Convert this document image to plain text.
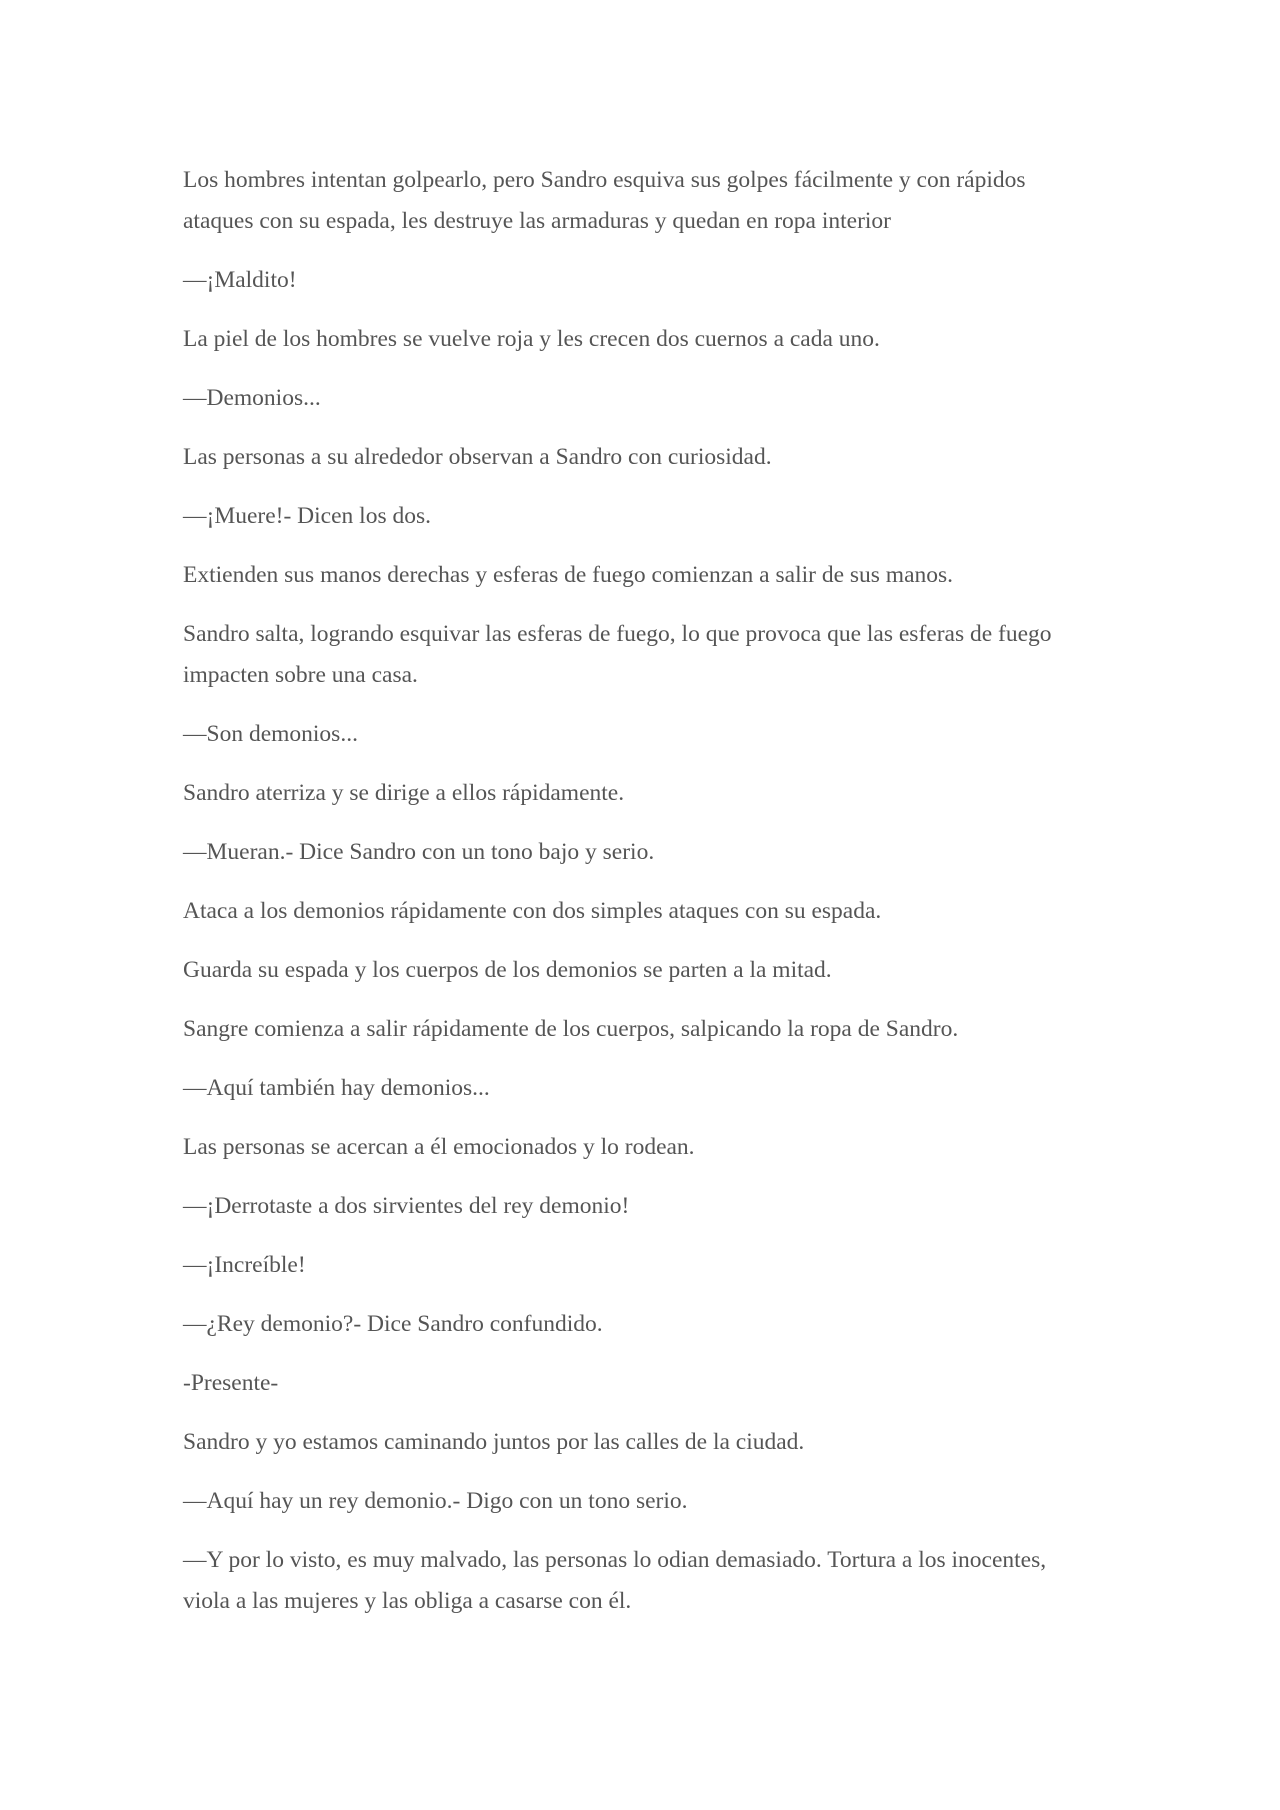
Los hombres intentan golpearlo, pero Sandro esquiva sus golpes fácilmente y con rápidos ataques con su espada, les destruye las armaduras y quedan en ropa interior

—¡Maldito!

La piel de los hombres se vuelve roja y les crecen dos cuernos a cada uno.

—Demonios...

Las personas a su alrededor observan a Sandro con curiosidad.

—¡Muere!- Dicen los dos.

Extienden sus manos derechas y esferas de fuego comienzan a salir de sus manos.

Sandro salta, logrando esquivar las esferas de fuego, lo que provoca que las esferas de fuego impacten sobre una casa.

—Son demonios...

Sandro aterriza y se dirige a ellos rápidamente.

—Mueran.- Dice Sandro con un tono bajo y serio.

Ataca a los demonios rápidamente con dos simples ataques con su espada.

Guarda su espada y los cuerpos de los demonios se parten a la mitad.

Sangre comienza a salir rápidamente de los cuerpos, salpicando la ropa de Sandro.

—Aquí también hay demonios...

Las personas se acercan a él emocionados y lo rodean.

—¡Derrotaste a dos sirvientes del rey demonio!

—¡Increíble!

—¿Rey demonio?- Dice Sandro confundido.

-Presente-

Sandro y yo estamos caminando juntos por las calles de la ciudad.

—Aquí hay un rey demonio.- Digo con un tono serio.

—Y por lo visto, es muy malvado, las personas lo odian demasiado. Tortura a los inocentes, viola a las mujeres y las obliga a casarse con él.
